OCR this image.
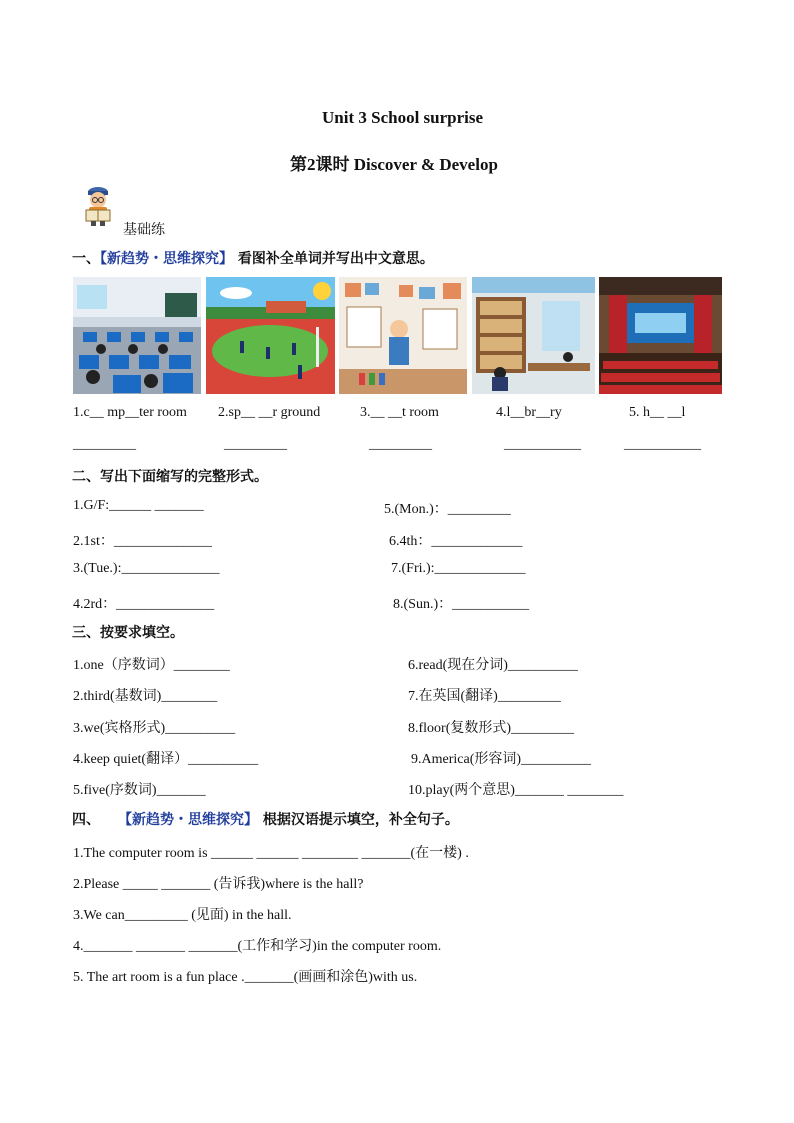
Unit 3 School surprise
第2课时 Discover & Develop
基础练
一、【新趋势・思维探究】 看图补全单词并写出中文意思。
1.c__ mp__ter room 2.sp__ __r ground	3.__ __t room	4.l__br__ry	5. h__ __l
_________	_________	_________	___________	___________
二、写出下面缩写的完整形式。
1.G/F:______ _______
2.1st：______________
3.(Tue.):______________
4.2rd：______________
5.(Mon.)：_________
6.4th：_____________
7.(Fri.):_____________
8.(Sun.)：___________
三、按要求填空。
1.one（序数词）________
2.third(基数词)________
3.we(宾格形式)__________
4.keep quiet(翻译）__________
5.five(序数词)_______
6.read(现在分词)__________
7.在英国(翻译)_________
8.floor(复数形式)_________
9.America(形容词)__________
10.play(两个意思)_______ ________
四、 【新趋势・思维探究】 根据汉语提示填空，补全句子。
1.The computer room is ______ ______ ________ _______(在一楼) .
2.Please _____ _______ (告诉我)where is the hall?
3.We can_________ (见面) in the hall.
4._______ _______ _______(工作和学习)in the computer room.
5. The art room is a fun place ._______(画画和涂色)with us.
